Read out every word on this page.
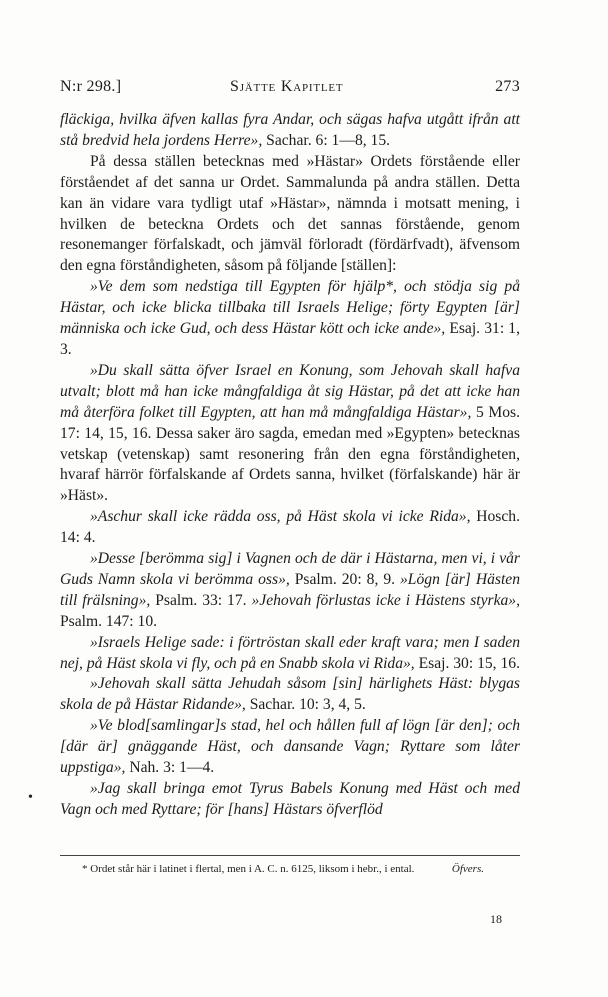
N:r 298.]	Sjätte Kapitlet	273

fläckiga, hvilka äfven kallas fyra Andar, och sägas hafva utgått ifrån att stå bredvid hela jordens Herre», Sachar. 6: 1—8, 15.

På dessa ställen betecknas med »Hästar» Ordets förstående eller förståendet af det sanna ur Ordet. Sammalunda på andra ställen. Detta kan än vidare vara tydligt utaf »Hästar», nämnda i motsatt mening, i hvilken de beteckna Ordets och det sannas förstående, genom resonemanger förfalskadt, och jämväl förloradt (fördärfvadt), äfvensom den egna förståndigheten, såsom på följande [ställen]:

»Ve dem som nedstiga till Egypten för hjälp*, och stödja sig på Hästar, och icke blicka tillbaka till Israels Helige; förty Egypten [är] människa och icke Gud, och dess Hästar kött och icke ande», Esaj. 31: 1, 3.

»Du skall sätta öfver Israel en Konung, som Jehovah skall hafva utvalt; blott må han icke mångfaldiga åt sig Hästar, på det att icke han må återföra folket till Egypten, att han må mångfaldiga Hästar», 5 Mos. 17: 14, 15, 16. Dessa saker äro sagda, emedan med »Egypten» betecknas vetskap (vetenskap) samt resonering från den egna förståndigheten, hvaraf härrör förfalskande af Ordets sanna, hvilket (förfalskande) här är »Häst».

»Aschur skall icke rädda oss, på Häst skola vi icke Rida», Hosch. 14: 4.

»Desse [berömma sig] i Vagnen och de där i Hästarna, men vi, i vår Guds Namn skola vi berömma oss», Psalm. 20: 8, 9. »Lögn [är] Hästen till frälsning», Psalm. 33: 17. »Jehovah förlustas icke i Hästens styrka», Psalm. 147: 10.

»Israels Helige sade: i förtröstan skall eder kraft vara; men I saden nej, på Häst skola vi fly, och på en Snabb skola vi Rida», Esaj. 30: 15, 16.

»Jehovah skall sätta Jehudah såsom [sin] härlighets Häst: blygas skola de på Hästar Ridande», Sachar. 10: 3, 4, 5.

»Ve blod[samlingar]s stad, hel och hållen full af lögn [är den]; och [där är] gnäggande Häst, och dansande Vagn; Ryttare som låter uppstiga», Nah. 3: 1—4.

»Jag skall bringa emot Tyrus Babels Konung med Häst och med Vagn och med Ryttare; för [hans] Hästars öfverflöd

•

* Ordet står här i latinet i flertal, men i A. C. n. 6125, liksom i hebr., i ental.	Öfvers.

18
